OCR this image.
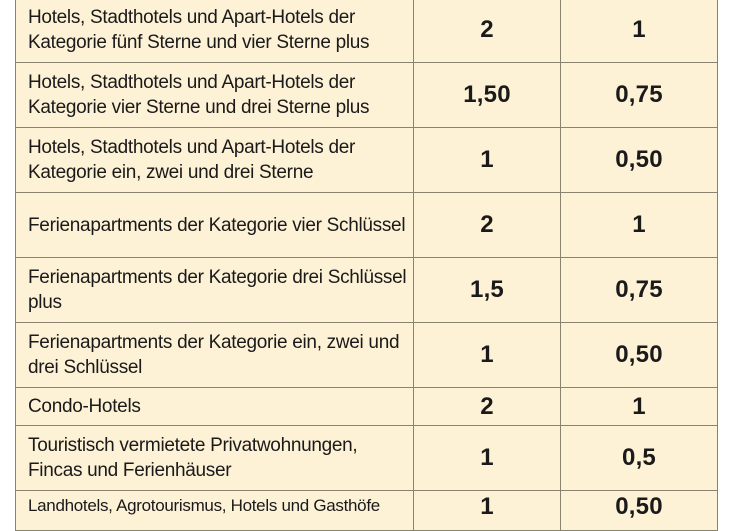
Hotels, Stadthotels und Apart-Hotels der Kategorie fünf Sterne und vier Sterne plus	2	1
Hotels, Stadthotels und Apart-Hotels der Kategorie vier Sterne und drei Sterne plus	1,50	0,75
Hotels, Stadthotels und Apart-Hotels der Kategorie ein, zwei und drei Sterne	1	0,50
Ferienapartments der Kategorie vier Schlüssel	2	1
Ferienapartments der Kategorie drei Schlüssel plus	1,5	0,75
Ferienapartments der Kategorie ein, zwei und drei Schlüssel	1	0,50
Condo-Hotels	2	1
Touristisch vermietete Privatwohnungen, Fincas und Ferienhäuser	1	0,5
Landhotels, Agrotourismus, Hotels und Gasthöfe	1	0,50
